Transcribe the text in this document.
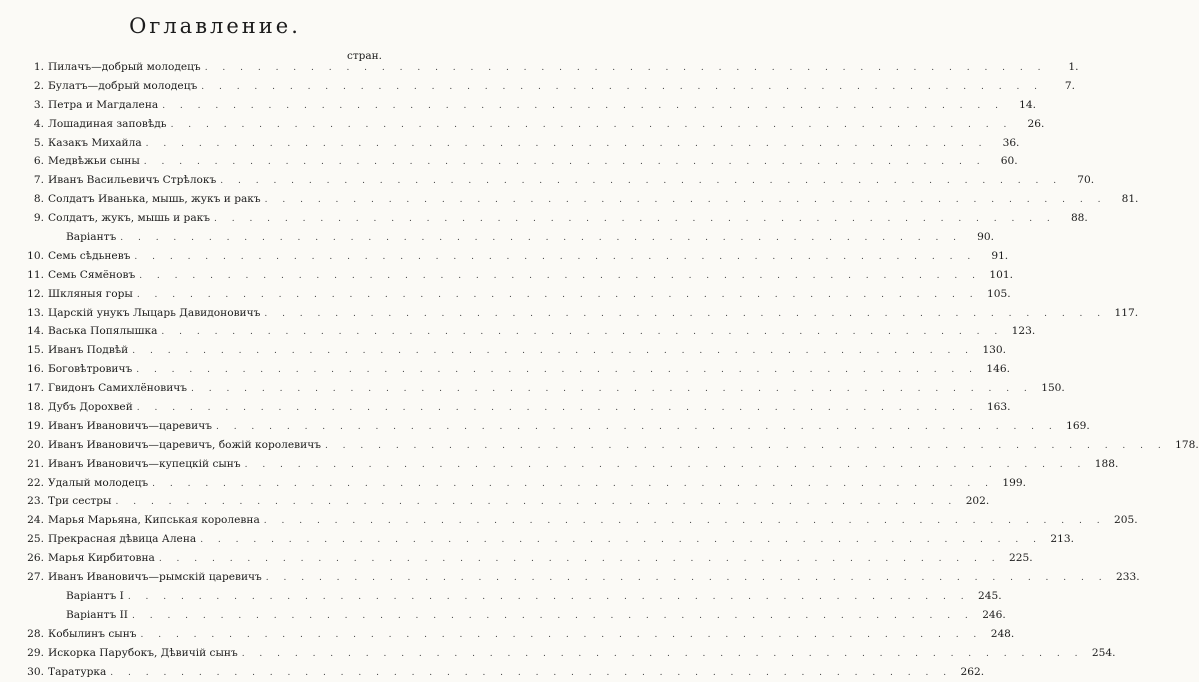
Оглавление.
стран.
1. Пилачъ—добрый молодецъ . . .	1.
2. Булатъ—добрый молодецъ . . .	7.
3. Петра и Магдалена . . .	14.
4. Лошадиная заповѣдь . . .	26.
5. Казакъ Михайла . . .	36.
6. Медвѣжьи сыны . . .	60.
7. Иванъ Васильевичъ Стрѣлокъ . . .	70.
8. Солдатъ Иванька, мышь, жукъ и ракъ . . .	81.
9. Солдатъ, жукъ, мышь и ракъ . . .	88.
Варіантъ . . .	90.
10. Семь сѣдьневъ . . .	91.
11. Семь Сямёновъ . . .	101.
12. Шкляныя горы . . .	105.
13. Царскій унукъ Лыцарь Давидоновичъ . . .	117.
14. Васька Попялышка . . .	123.
15. Иванъ Подвѣй . . .	130.
16. Боговѣтровичъ . . .	146.
17. Гвидонъ Самихлёновичъ . . .	150.
18. Дубъ Дорохвей . . .	163.
19. Иванъ Ивановичъ—царевичъ . . .	169.
20. Иванъ Ивановичъ—царевичъ, божій королевичъ . . .	178.
21. Иванъ Ивановичъ—купецкій сынъ . . .	188.
22. Удалый молодецъ . . .	199.
23. Три сестры . . .	202.
24. Марья Марьяна, Кипськая королевна . . .	205.
25. Прекрасная дѣвица Алена . . .	213.
26. Марья Кирбитовна . . .	225.
27. Иванъ Ивановичъ—рымскій царевичъ . . .	233.
Варіантъ I . . .	245.
Варіантъ II . . .	246.
28. Кобылинъ сынъ . . .	248.
29. Искорка Парубокъ, Дѣвичій сынъ . . .	254.
30. Таратурка . . .	262.
